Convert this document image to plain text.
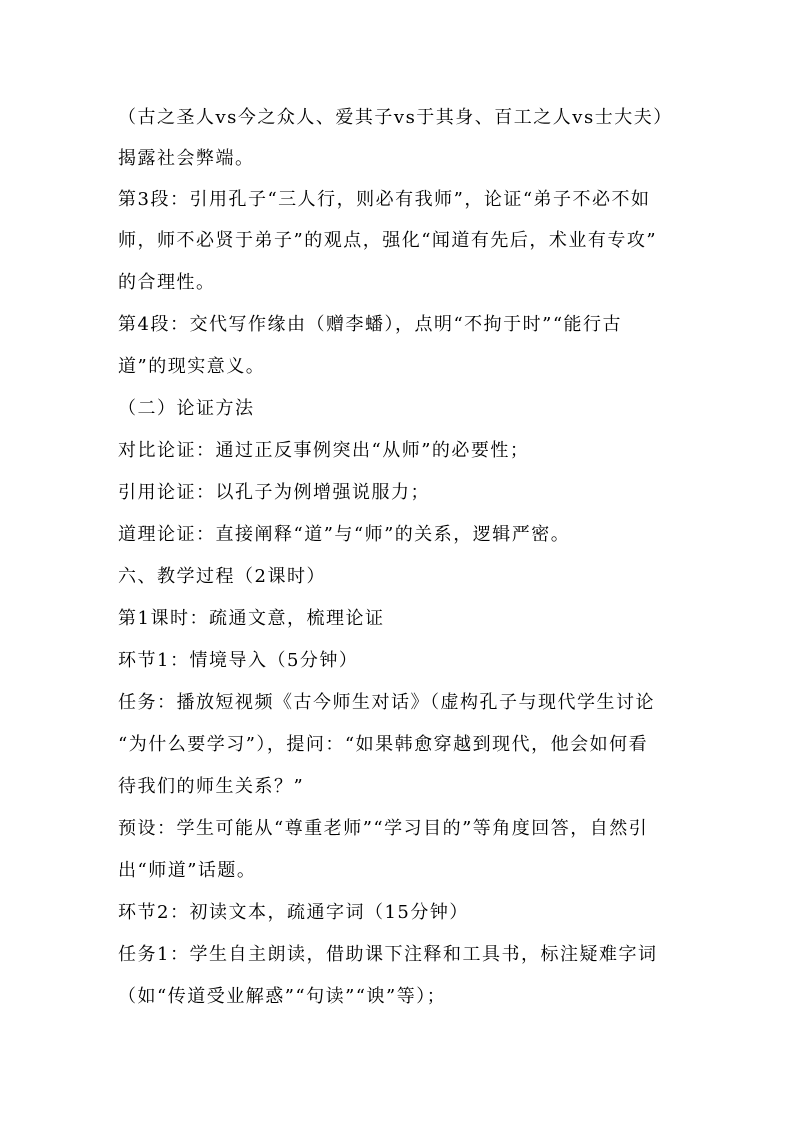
（古之圣人vs今之众人、爱其子vs于其身、百工之人vs士大夫）
揭露社会弊端。
第3段：引用孔子“三人行，则必有我师”，论证“弟子不必不如
师，师不必贤于弟子”的观点，强化“闻道有先后，术业有专攻”
的合理性。
第4段：交代写作缘由（赠李蟠），点明“不拘于时”“能行古
道”的现实意义。
（二）论证方法
对比论证：通过正反事例突出“从师”的必要性；
引用论证：以孔子为例增强说服力；
道理论证：直接阐释“道”与“师”的关系，逻辑严密。
六、教学过程（2课时）
第1课时：疏通文意，梳理论证
环节1：情境导入（5分钟）
任务：播放短视频《古今师生对话》（虚构孔子与现代学生讨论
“为什么要学习”），提问：“如果韩愈穿越到现代，他会如何看
待我们的师生关系？”
预设：学生可能从“尊重老师”“学习目的”等角度回答，自然引
出“师道”话题。
环节2：初读文本，疏通字词（15分钟）
任务1：学生自主朗读，借助课下注释和工具书，标注疑难字词
（如“传道受业解惑”“句读”“谀”等）；
